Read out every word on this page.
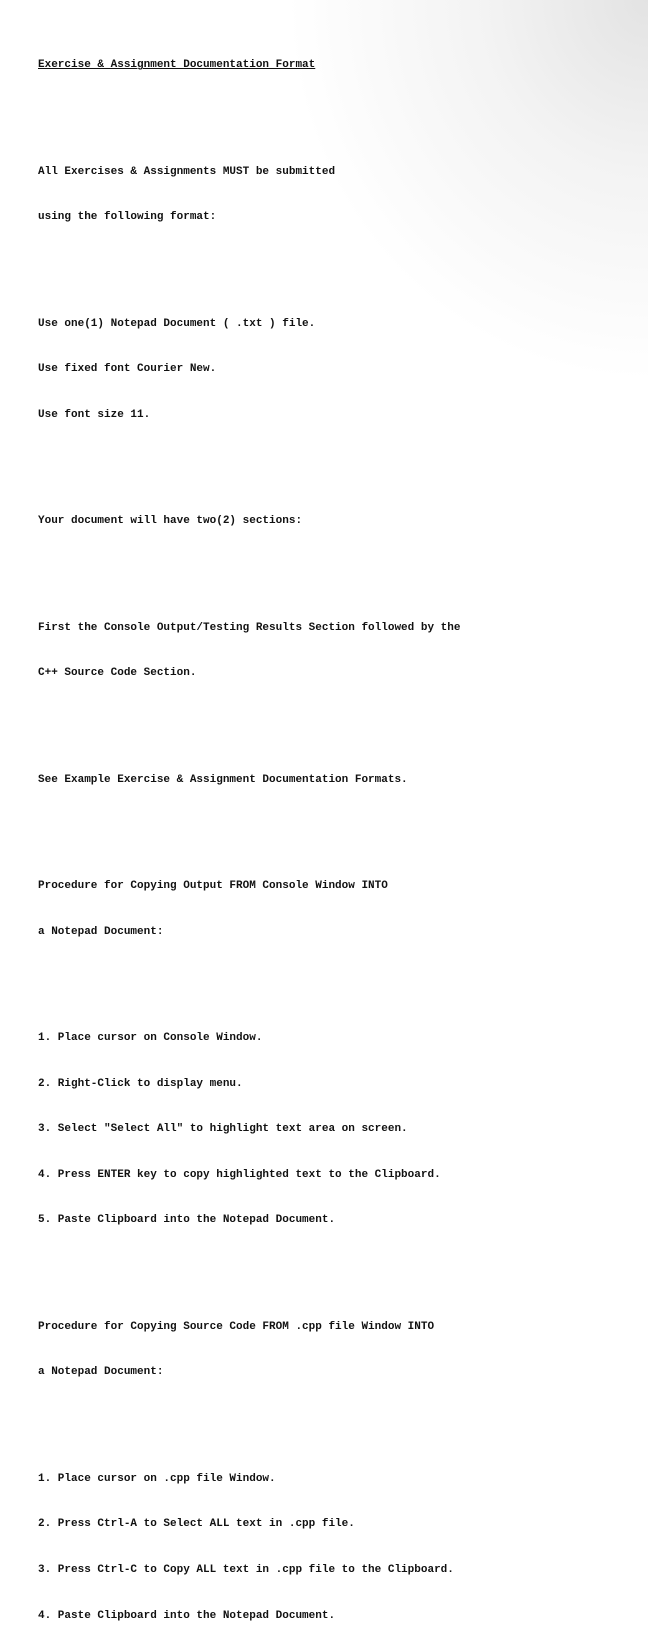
Exercise & Assignment Documentation Format

All Exercises & Assignments MUST be submitted

using the following format:

Use one(1) Notepad Document ( .txt ) file.

Use fixed font Courier New.

Use font size 11.

Your document will have two(2) sections:

First the Console Output/Testing Results Section followed by the

C++ Source Code Section.

See Example Exercise & Assignment Documentation Formats.

Procedure for Copying Output FROM Console Window INTO

a Notepad Document:

1. Place cursor on Console Window.

2. Right-Click to display menu.

3. Select "Select All" to highlight text area on screen.

4. Press ENTER key to copy highlighted text to the Clipboard.

5. Paste Clipboard into the Notepad Document.

Procedure for Copying Source Code FROM .cpp file Window INTO

a Notepad Document:

1. Place cursor on .cpp file Window.

2. Press Ctrl-A to Select ALL text in .cpp file.

3. Press Ctrl-C to Copy ALL text in .cpp file to the Clipboard.

4. Paste Clipboard into the Notepad Document.
